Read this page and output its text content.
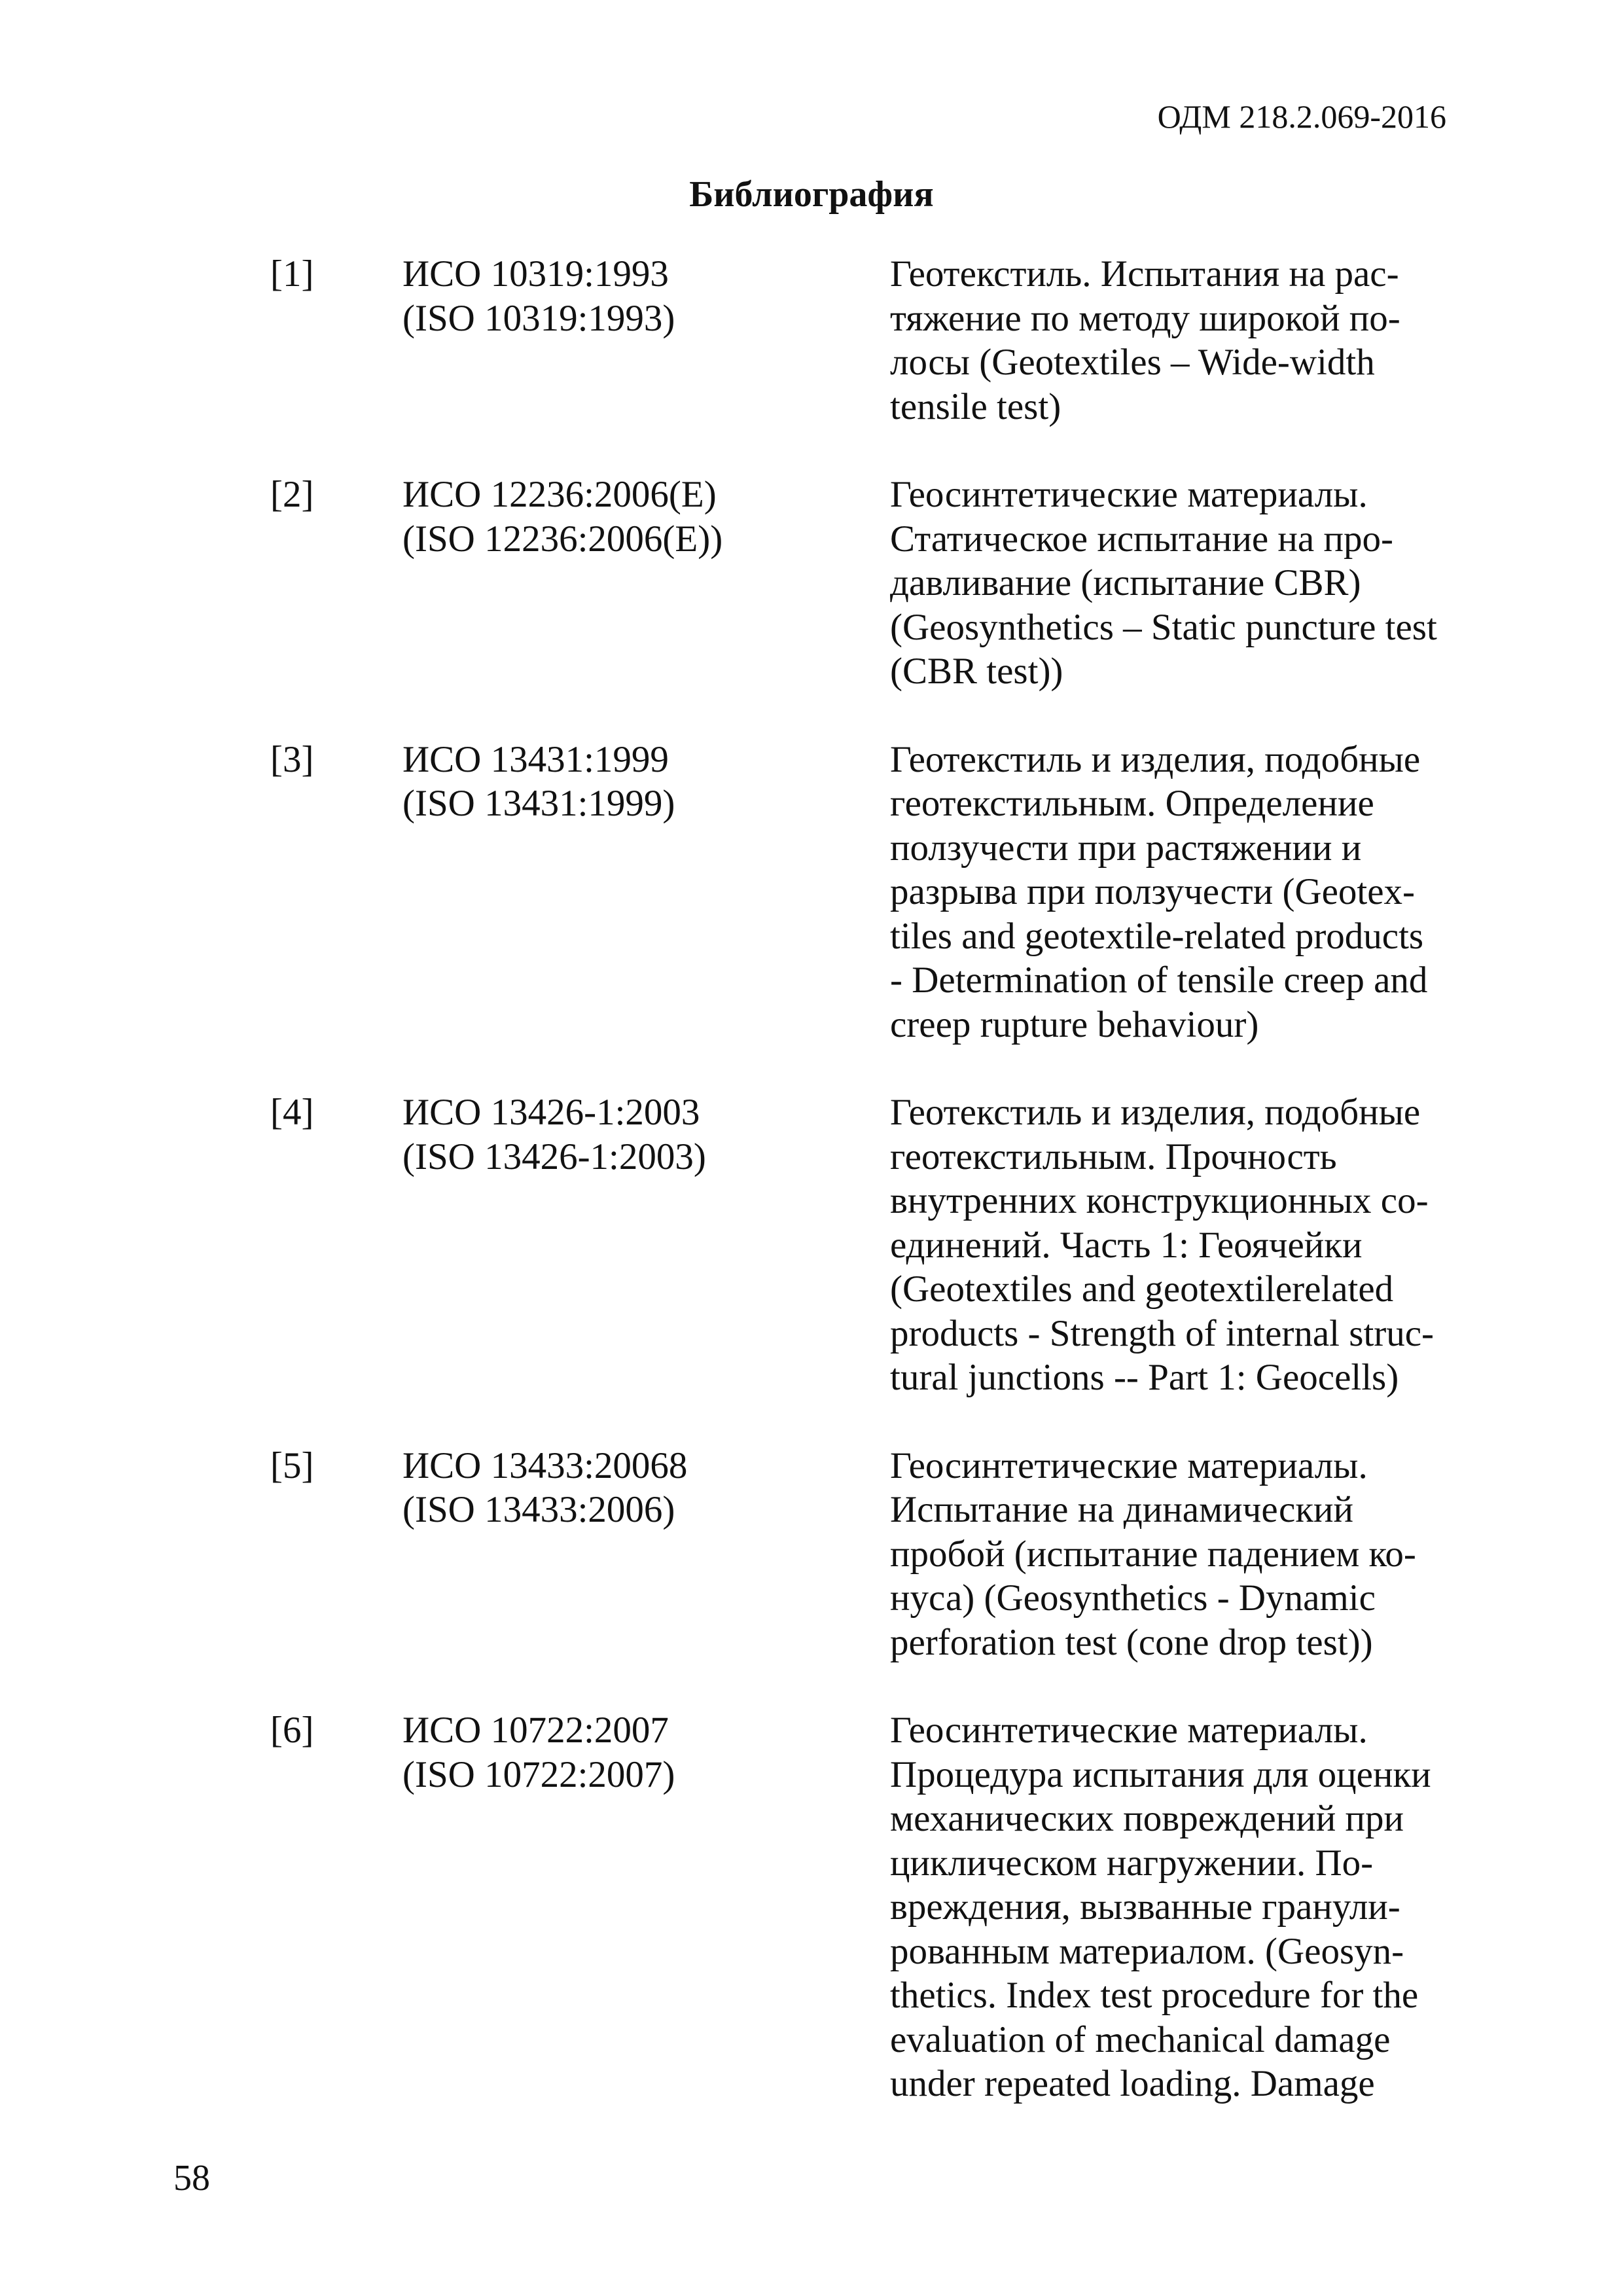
ОДМ 218.2.069-2016
Библиография
[1] ИСО 10319:1993
(ISO 10319:1993)
Геотекстиль. Испытания на рас-
тяжение по методу широкой по-
лосы (Geotextiles – Wide-width
tensile test)
[2] ИСО 12236:2006(Е)
(ISO 12236:2006(E))
Геосинтетические материалы.
Статическое испытание на про-
давливание (испытание CBR)
(Geosynthetics – Static puncture test
(CBR test))
[3] ИСО 13431:1999
(ISO 13431:1999)
Геотекстиль и изделия, подобные
геотекстильным. Определение
ползучести при растяжении и
разрыва при ползучести (Geotex-
tiles and geotextile-related products
- Determination of tensile creep and
creep rupture behaviour)
[4] ИСО 13426-1:2003
(ISO 13426-1:2003)
Геотекстиль и изделия, подобные
геотекстильным. Прочность
внутренних конструкционных со-
единений. Часть 1: Геоячейки
(Geotextiles and geotextilerelated
products - Strength of internal struc-
tural junctions -- Part 1: Geocells)
[5] ИСО 13433:20068
(ISO 13433:2006)
Геосинтетические материалы.
Испытание на динамический
пробой (испытание падением ко-
нуса) (Geosynthetics - Dynamic
perforation test (cone drop test))
[6] ИСО 10722:2007
(ISO 10722:2007)
Геосинтетические материалы.
Процедура испытания для оценки
механических повреждений при
циклическом нагружении. По-
вреждения, вызванные гранули-
рованным материалом. (Geosyn-
thetics. Index test procedure for the
evaluation of mechanical damage
under repeated loading. Damage
58
